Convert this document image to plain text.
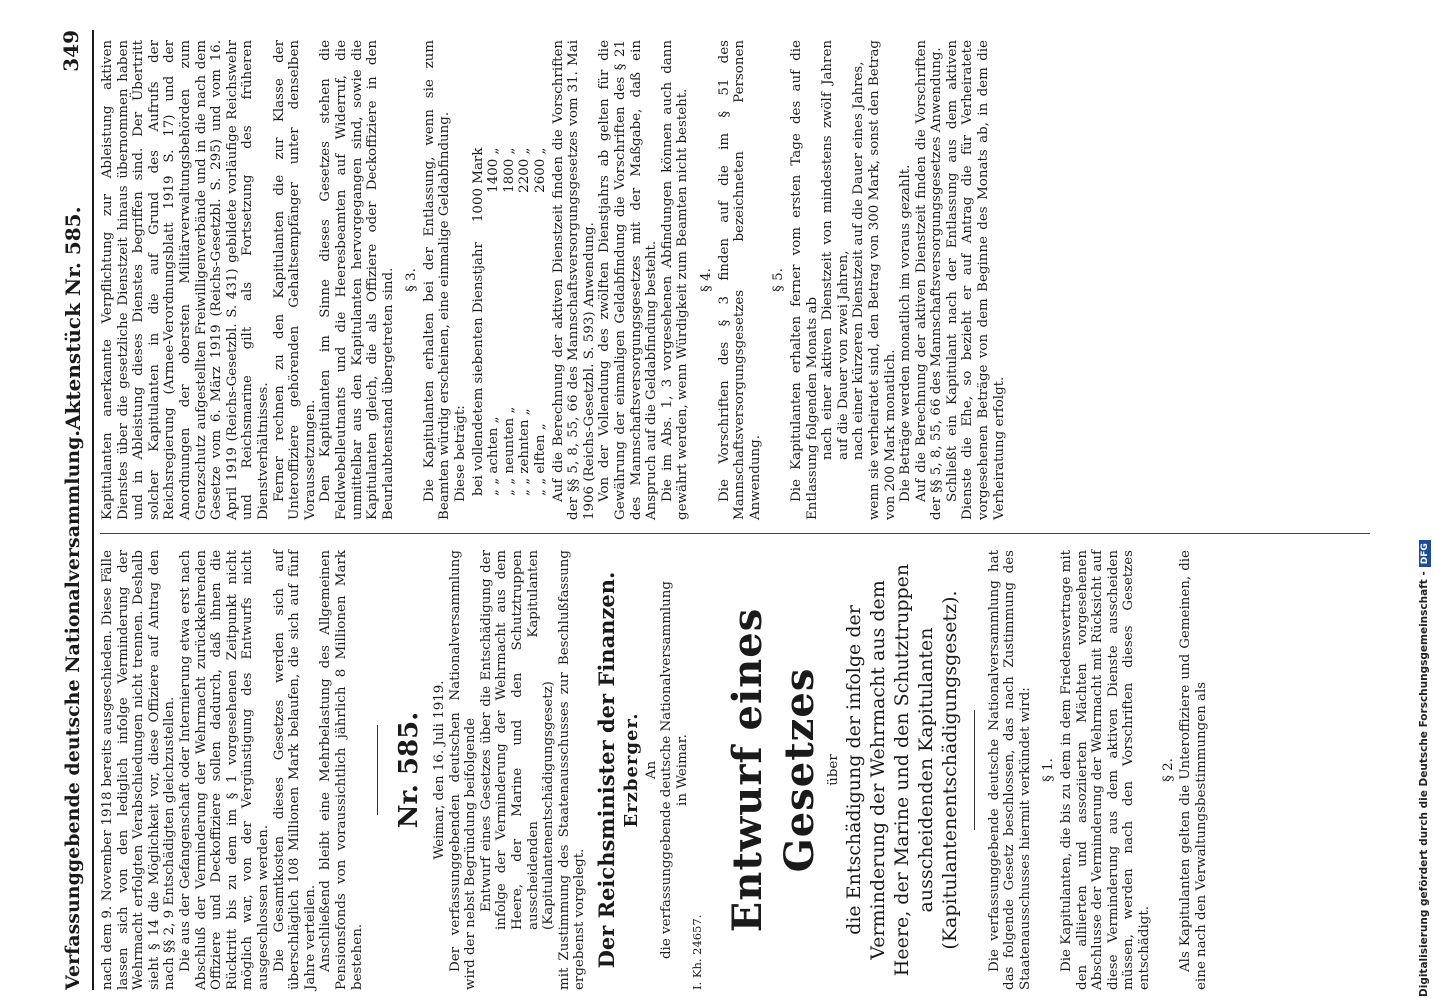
Verfassunggebende deutsche Nationalversammlung.
Aktenstück Nr. 585.
349

nach dem 9. November 1918 bereits ausgeschieden. Diese Fälle lassen sich von den lediglich infolge Verminderung der Wehrmacht erfolgten Verabschiedungen nicht trennen. Deshalb sieht § 14 die Möglichkeit vor, diese Offiziere auf Antrag den nach §§ 2, 9 Entschädigten gleichzustellen. Die aus der Gefangenschaft oder Internierung etwa erst nach Abschluß der Verminderung der Wehrmacht zurückkehrenden Offiziere und Deckoffiziere sollen dadurch, daß ihnen die Rücktritt bis zu dem im § 1 vorgesehenen Zeitpunkt nicht möglich war, von der Vergünstigung des Entwurfs nicht ausgeschlossen werden. Die Gesamtkosten dieses Gesetzes werden sich auf überschläglich 108 Millionen Mark belaufen, die sich auf fünf Jahre verteilen. Anschließend bleibt eine Mehrbelastung des Allgemeinen Pensionsfonds von voraussichtlich jährlich 8 Millionen Mark bestehen.

Nr. 585. Weimar, den 16. Juli 1919. Der verfassunggebenden deutschen Nationalversammlung wird der nebst Begründung beifolgende Entwurf eines Gesetzes über die Entschädigung der infolge der Verminderung der Wehrmacht aus dem Heere, der Marine und den Schutztruppen ausscheidenden Kapitulanten (Kapitulantenentschädigungsgesetz) mit Zustimmung des Staatenausschusses zur Beschlußfassung ergebenst vorgelegt. Der Reichsminister der Finanzen. Erzberger. An die verfassunggebende deutsche Nationalversammlung in Weimar.

I. Kh. 24657.

Entwurf eines Gesetzes über die Entschädigung der infolge der Verminderung der Wehrmacht aus dem Heere, der Marine und den Schutztruppen ausscheidenden Kapitulanten (Kapitulantenentschädigungsgesetz). Die verfassunggebende deutsche Nationalversammlung hat das folgende Gesetz beschlossen, das nach Zustimmung des Staatenausschusses hiermit verkündet wird: § 1. Die Kapitulanten, die bis zu dem in dem Friedensvertrage mit den alliierten und assoziierten Mächten vorgesehenen Abschlusse der Verminderung der Wehrmacht mit Rücksicht auf diese Verminderung aus dem aktiven Dienste ausscheiden müssen, werden nach den Vorschriften dieses Gesetzes entschädigt.

§ 2. Als Kapitulanten gelten die Unteroffiziere und Gemeinen, die eine nach den Verwaltungsbestimmungen als

Kapitulanten anerkannte Verpflichtung zur Ableistung aktiven Dienstes über die gesetzliche Dienstzeit hinaus übernommen haben und in Ableistung dieses Dienstes begriffen sind. Der Übertritt solcher Kapitulanten in die auf Grund des Aufrufs der Reichsregierung (Armee-Verordnungsblatt 1919 S. 17) und der Anordnungen der obersten Militärverwaltungsbehörden zum Grenzschutz aufgestellten Freiwilligenverbände und in die nach dem Gesetze vom 6. März 1919 (Reichs-Gesetzbl. S. 295) und vom 16. April 1919 (Reichs-Gesetzbl. S. 431) gebildete vorläufige Reichswehr und Reichsmarine gilt als Fortsetzung des früheren Dienstverhältnisses. Ferner rechnen zu den Kapitulanten die zur Klasse der Unteroffiziere gehörenden Gehaltsempfänger unter denselben Voraussetzungen. Den Kapitulanten im Sinne dieses Gesetzes stehen die Feldwebelleutnants und die Heeresbeamten auf Widerruf, die unmittelbar aus den Kapitulanten hervorgegangen sind, sowie die Kapitulanten gleich, die als Offiziere oder Deckoffiziere in den Beurlaubtenstand übergetreten sind. § 3. Die Kapitulanten erhalten bei der Entlassung, wenn sie zum Beamten würdig erscheinen, eine einmalige Geldabfindung. Diese beträgt: bei vollendetem siebenten Dienstjahr	1000 Mark
„ „ achten „	1400 „
„ „ neunten „	1800 „
„ „ zehnten „	2200 „
„ „ elften „	2600 „ Auf die Berechnung der aktiven Dienstzeit finden die Vorschriften der §§ 5, 8, 55, 66 des Mannschaftsversorgungsgesetzes vom 31. Mai 1906 (Reichs-Gesetzbl. S. 593) Anwendung. Von der Vollendung des zwölften Dienstjahrs ab gelten für die Gewährung der einmaligen Geldabfindung die Vorschriften des § 21 des Mannschaftsversorgungsgesetzes mit der Maßgabe, daß ein Anspruch auf die Geldabfindung besteht. Die im Abs. 1, 3 vorgesehenen Abfindungen können auch dann gewährt werden, wenn Würdigkeit zum Beamten nicht besteht. § 4. Die Vorschriften des § 3 finden auf die im § 51 des Mannschaftsversorgungsgesetzes bezeichneten Personen Anwendung.

§ 5. Die Kapitulanten erhalten ferner vom ersten Tage des auf die Entlassung folgenden Monats ab nach einer aktiven Dienstzeit von mindestens zwölf Jahren auf die Dauer von zwei Jahren, nach einer kürzeren Dienstzeit auf die Dauer eines Jahres, wenn sie verheiratet sind, den Betrag von 300 Mark, sonst den Betrag von 200 Mark monatlich. Die Beträge werden monatlich im voraus gezahlt. Auf die Berechnung der aktiven Dienstzeit finden die Vorschriften der §§ 5, 8, 55, 66 des Mannschaftsversorgungsgesetzes Anwendung. Schließt ein Kapitulant nach der Entlassung aus dem aktiven Dienste die Ehe, so bezieht er auf Antrag die für Verheiratete vorgesehenen Beträge von dem Beginne des Monats ab, in dem die Verheiratung erfolgt.

Digitalisierung gefördert durch die Deutsche Forschungsgemeinschaft -DFG
